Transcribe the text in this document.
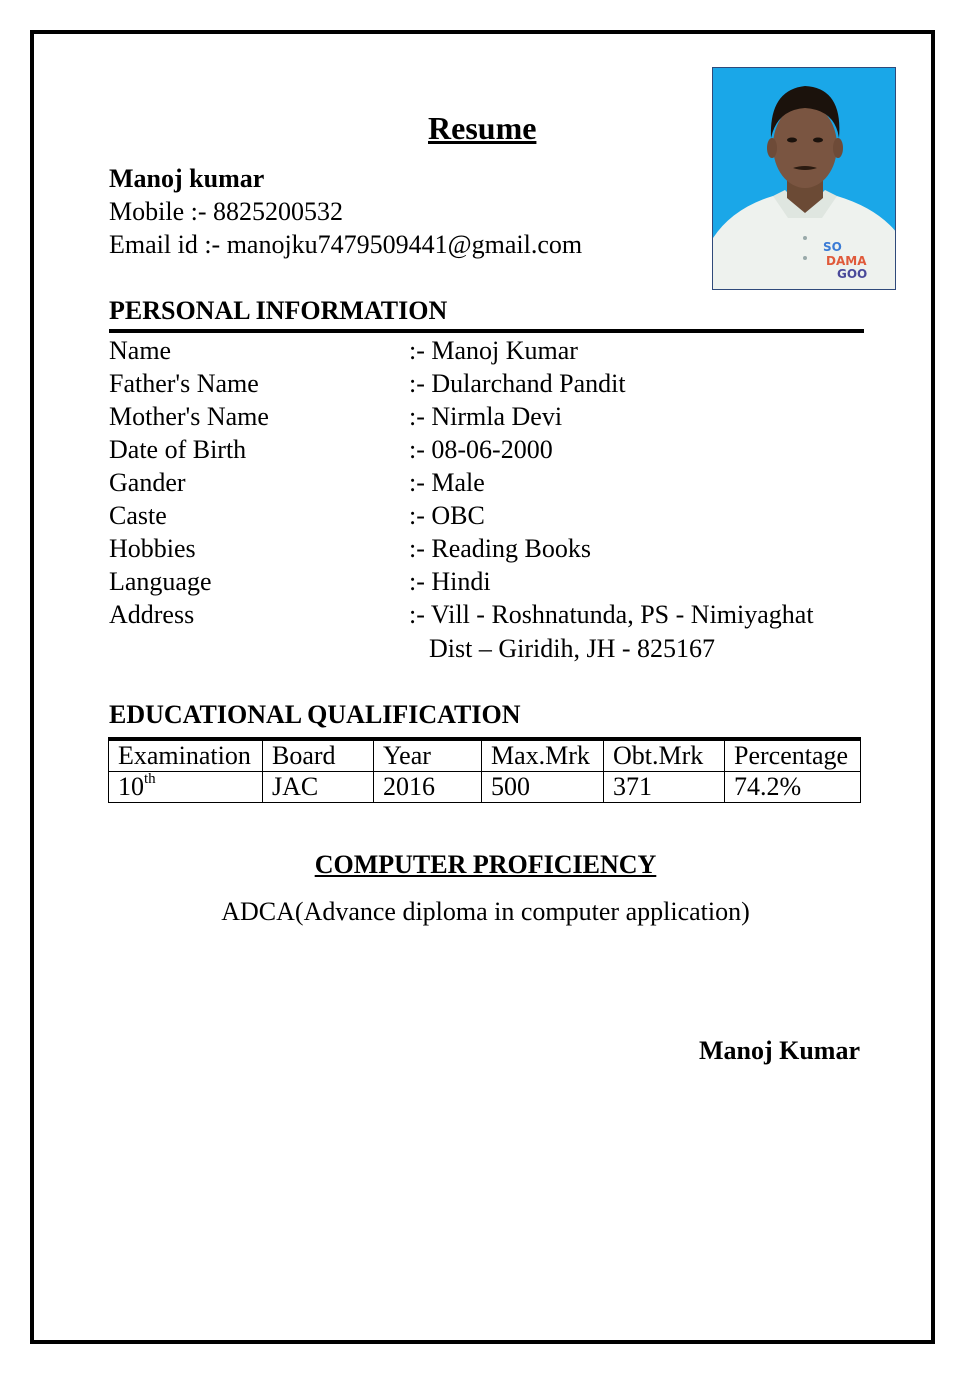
Resume
SO
DAMA
GOO
Manoj kumar
Mobile :- 8825200532
Email id :- manojku7479509441@gmail.com
PERSONAL INFORMATION
Name	:- Manoj Kumar
Father's Name	:- Dularchand Pandit
Mother's Name	:- Nirmla Devi
Date of Birth	:- 08-06-2000
Gander	:- Male
Caste	:- OBC
Hobbies	:- Reading Books
Language	:- Hindi
Address	:- Vill - Roshnatunda, PS - Nimiyaghat
Dist – Giridih, JH - 825167
EDUCATIONAL QUALIFICATION
Examination	Board	Year	Max.Mrk	Obt.Mrk	Percentage
10th	JAC	2016	500	371	74.2%
COMPUTER PROFICIENCY
ADCA(Advance diploma in computer application)
Manoj Kumar
